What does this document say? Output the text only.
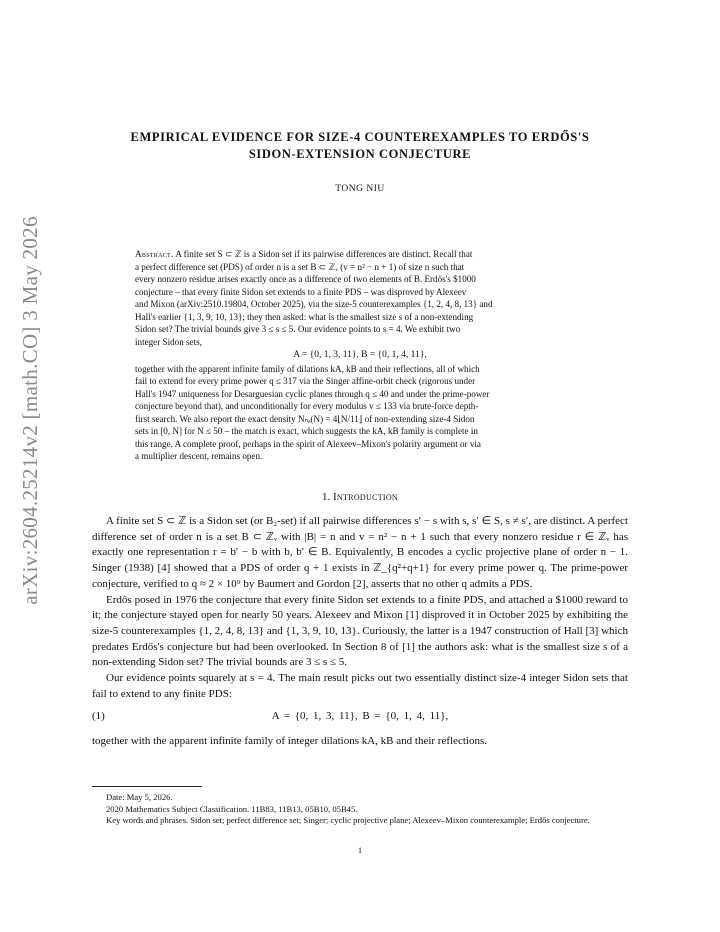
arXiv:2604.25214v2 [math.CO] 3 May 2026
EMPIRICAL EVIDENCE FOR SIZE-4 COUNTEREXAMPLES TO ERDŐS'S
SIDON-EXTENSION CONJECTURE
TONG NIU
Abstract. A finite set S ⊂ ℤ is a Sidon set if its pairwise differences are distinct. Recall that
a perfect difference set (PDS) of order n is a set B ⊂ ℤᵥ (v = n² − n + 1) of size n such that
every nonzero residue arises exactly once as a difference of two elements of B. Erdős's $1000
conjecture – that every finite Sidon set extends to a finite PDS – was disproved by Alexeev
and Mixon (arXiv:2510.19804, October 2025), via the size-5 counterexamples {1, 2, 4, 8, 13} and
Hall's earlier {1, 3, 9, 10, 13}; they then asked: what is the smallest size s of a non-extending
Sidon set? The trivial bounds give 3 ≤ s ≤ 5. Our evidence points to s = 4. We exhibit two
integer Sidon sets,
A = {0, 1, 3, 11}, B = {0, 1, 4, 11},
together with the apparent infinite family of dilations kA, kB and their reflections, all of which
fail to extend for every prime power q ≤ 317 via the Singer affine-orbit check (rigorous under
Hall's 1947 uniqueness for Desarguesian cyclic planes through q ≤ 40 and under the prime-power
conjecture beyond that), and unconditionally for every modulus v ≤ 133 via brute-force depth-
first search. We also report the exact density Nₙₑ(N) = 4⌊N/11⌋ of non-extending size-4 Sidon
sets in [0, N] for N ≤ 50 – the match is exact, which suggests the kA, kB family is complete in
this range. A complete proof, perhaps in the spirit of Alexeev–Mixon's polarity argument or via
a multiplier descent, remains open.
1. Introduction

A finite set S ⊂ ℤ is a Sidon set (or B₂-set) if all pairwise differences s′ − s with s, s′ ∈ S, s ≠ s′, are distinct. A perfect difference set of order n is a set B ⊂ ℤᵥ with |B| = n and v = n² − n + 1 such that every nonzero residue r ∈ ℤᵥ has exactly one representation r = b′ − b with b, b′ ∈ B. Equivalently, B encodes a cyclic projective plane of order n − 1. Singer (1938) [4] showed that a PDS of order q + 1 exists in ℤ_{q²+q+1} for every prime power q. The prime-power conjecture, verified to q ≈ 2 × 10⁹ by Baumert and Gordon [2], asserts that no other q admits a PDS.

Erdős posed in 1976 the conjecture that every finite Sidon set extends to a finite PDS, and attached a $1000 reward to it; the conjecture stayed open for nearly 50 years. Alexeev and Mixon [1] disproved it in October 2025 by exhibiting the size-5 counterexamples {1, 2, 4, 8, 13} and {1, 3, 9, 10, 13}. Curiously, the latter is a 1947 construction of Hall [3] which predates Erdős's conjecture but had been overlooked. In Section 8 of [1] the authors ask: what is the smallest size s of a non-extending Sidon set? The trivial bounds are 3 ≤ s ≤ 5.

Our evidence points squarely at s = 4. The main result picks out two essentially distinct size-4 integer Sidon sets that fail to extend to any finite PDS:

(1)	A = {0, 1, 3, 11}, B = {0, 1, 4, 11},

together with the apparent infinite family of integer dilations kA, kB and their reflections.

Date: May 5, 2026.

2020 Mathematics Subject Classification. 11B83, 11B13, 05B10, 05B45.

Key words and phrases. Sidon set; perfect difference set; Singer; cyclic projective plane; Alexeev–Mixon counterexample; Erdős conjecture.

1
